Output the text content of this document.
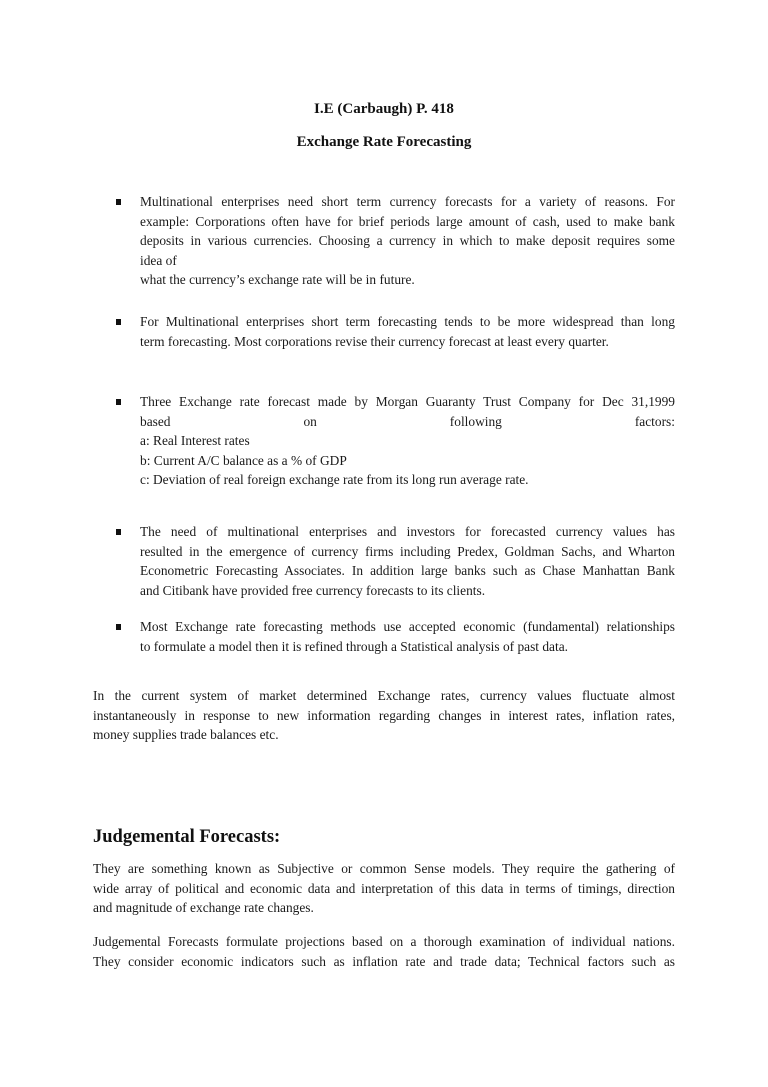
I.E (Carbaugh) P. 418
Exchange Rate Forecasting
Multinational enterprises need short term currency forecasts for a variety of reasons. For
example: Corporations often have for brief periods large amount of cash, used to make bank
deposits in various currencies. Choosing a currency in which to make deposit requires some
idea of
what the currency’s exchange rate will be in future.
For Multinational enterprises short term forecasting tends to be more widespread than long
term forecasting. Most corporations revise their currency forecast at least every quarter.
Three Exchange rate forecast made by Morgan Guaranty Trust Company for Dec 31,1999
based on following factors:
a: Real Interest rates
b: Current A/C balance as a % of GDP
c: Deviation of real foreign exchange rate from its long run average rate.
The need of multinational enterprises and investors for forecasted currency values has
resulted in the emergence of currency firms including Predex, Goldman Sachs, and Wharton
Econometric Forecasting Associates. In addition large banks such as Chase Manhattan Bank
and Citibank have provided free currency forecasts to its clients.
Most Exchange rate forecasting methods use accepted economic (fundamental) relationships
to formulate a model then it is refined through a Statistical analysis of past data.

In the current system of market determined Exchange rates, currency values fluctuate almost
instantaneously in response to new information regarding changes in interest rates, inflation rates,
money supplies trade balances etc.

Judgemental Forecasts:

They are something known as Subjective or common Sense models. They require the gathering of
wide array of political and economic data and interpretation of this data in terms of timings, direction
and magnitude of exchange rate changes.

Judgemental Forecasts formulate projections based on a thorough examination of individual nations.
They consider economic indicators such as inflation rate and trade data; Technical factors such as
